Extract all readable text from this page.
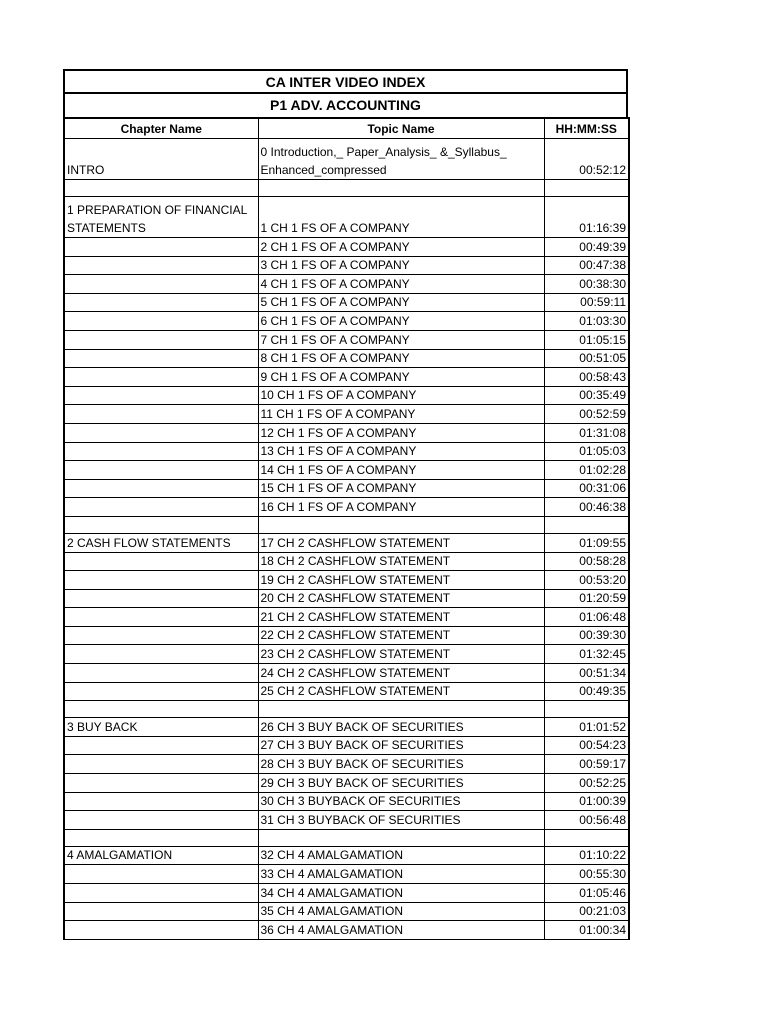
CA INTER VIDEO INDEX
P1 ADV. ACCOUNTING
Chapter Name	Topic Name	HH:MM:SS
INTRO	0 Introduction,_ Paper_Analysis_ &_Syllabus_ Enhanced_compressed	00:52:12

1 PREPARATION OF FINANCIAL STATEMENTS	1 CH 1 FS OF A COMPANY	01:16:39
	2 CH 1 FS OF A COMPANY	00:49:39
	3 CH 1 FS OF A COMPANY	00:47:38
	4 CH 1 FS OF A COMPANY	00:38:30
	5 CH 1 FS OF A COMPANY	00:59:11
	6 CH 1 FS OF A COMPANY	01:03:30
	7 CH 1 FS OF A COMPANY	01:05:15
	8 CH 1 FS OF A COMPANY	00:51:05
	9 CH 1 FS OF A COMPANY	00:58:43
	10 CH 1 FS OF A COMPANY	00:35:49
	11 CH 1 FS OF A COMPANY	00:52:59
	12 CH 1 FS OF A COMPANY	01:31:08
	13 CH 1 FS OF A COMPANY	01:05:03
	14 CH 1 FS OF A COMPANY	01:02:28
	15 CH 1 FS OF A COMPANY	00:31:06
	16 CH 1 FS OF A COMPANY	00:46:38

2 CASH FLOW STATEMENTS	17 CH 2 CASHFLOW STATEMENT	01:09:55
	18 CH 2 CASHFLOW STATEMENT	00:58:28
	19 CH 2 CASHFLOW STATEMENT	00:53:20
	20 CH 2 CASHFLOW STATEMENT	01:20:59
	21 CH 2 CASHFLOW STATEMENT	01:06:48
	22 CH 2 CASHFLOW STATEMENT	00:39:30
	23 CH 2 CASHFLOW STATEMENT	01:32:45
	24 CH 2 CASHFLOW STATEMENT	00:51:34
	25 CH 2 CASHFLOW STATEMENT	00:49:35

3 BUY BACK	26 CH 3 BUY BACK OF SECURITIES	01:01:52
	27 CH 3 BUY BACK OF SECURITIES	00:54:23
	28 CH 3 BUY BACK OF SECURITIES	00:59:17
	29 CH 3 BUY BACK OF SECURITIES	00:52:25
	30 CH 3 BUYBACK OF SECURITIES	01:00:39
	31 CH 3 BUYBACK OF SECURITIES	00:56:48

4 AMALGAMATION	32 CH 4 AMALGAMATION	01:10:22
	33 CH 4 AMALGAMATION	00:55:30
	34 CH 4 AMALGAMATION	01:05:46
	35 CH 4 AMALGAMATION	00:21:03
	36 CH 4 AMALGAMATION	01:00:34
